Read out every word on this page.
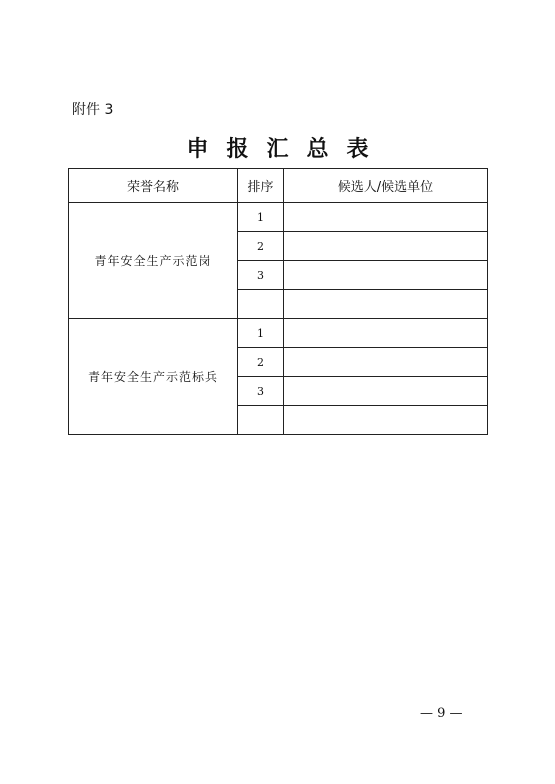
附件 3
申报汇总表
荣誉名称	排序	候选人/候选单位
青年安全生产示范岗	1	
	2	
	3	

青年安全生产示范标兵	1	
	2	
	3	

— 9 —
